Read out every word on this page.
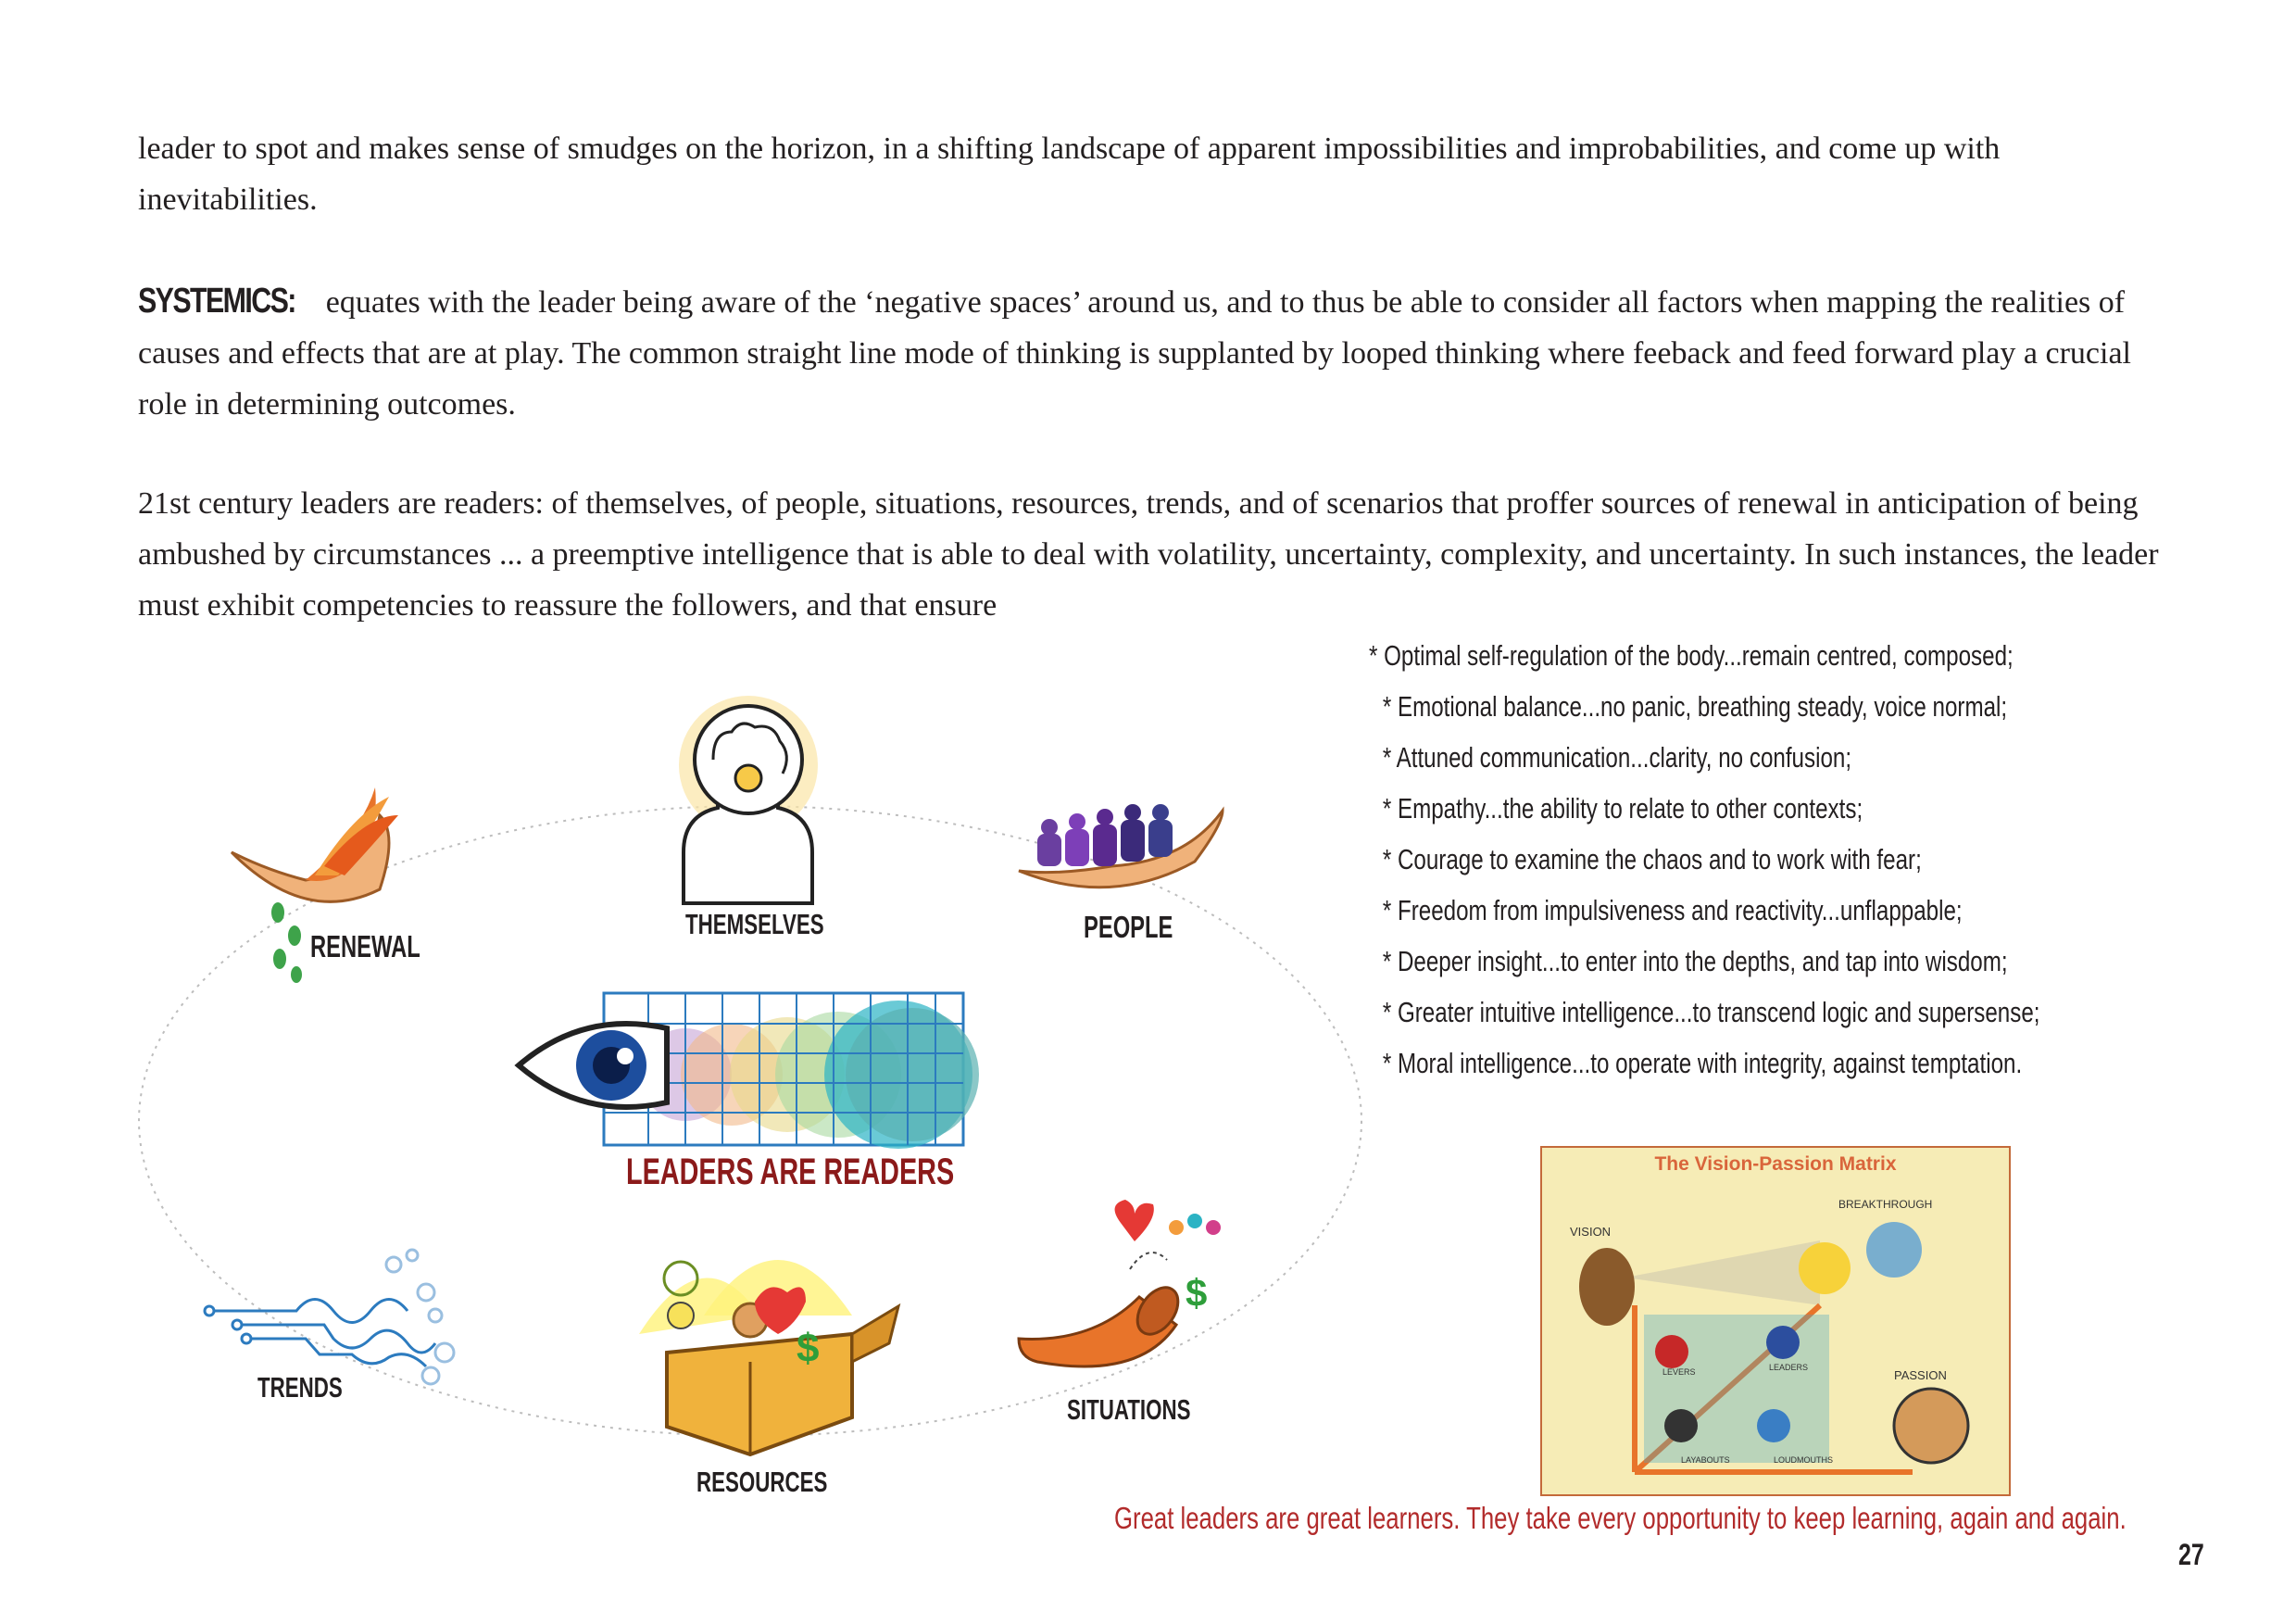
leader to spot and makes sense of smudges on the horizon, in a shifting landscape of apparent impossibilities and improbabilities, and come up with inevitabilities.

SYSTEMICS: equates with the leader being aware of the ‘negative spaces’ around us, and to thus be able to consider all factors when mapping the realities of causes and effects that are at play. The common straight line mode of thinking is supplanted by looped thinking where feeback and feed forward play a crucial role in determining outcomes.

21st century leaders are readers: of themselves, of people, situations, resources, trends, and of scenarios that proffer sources of renewal in anticipation of being ambushed by circumstances ... a preemptive intelligence that is able to deal with volatility, uncertainty, complexity, and uncertainty. In such instances, the leader must exhibit competencies to reassure the followers, and that ensure

* Optimal self-regulation of the body...remain centred, composed;
* Emotional balance...no panic, breathing steady, voice normal;
* Attuned communication...clarity, no confusion;
* Empathy...the ability to relate to other contexts;
* Courage to examine the chaos and to work with fear;
* Freedom from impulsiveness and reactivity...unflappable;
* Deeper insight...to enter into the depths, and tap into wisdom;
* Greater intuitive intelligence...to transcend logic and supersense;
* Moral intelligence...to operate with integrity, against temptation.
$
$
RENEWAL
THEMSELVES	PEOPLE
LEADERS ARE READERS
TRENDS
RESOURCES
SITUATIONS
The Vision-Passion Matrix
VISION
BREAKTHROUGH
PASSION
LEVERS	LEADERS
LAYABOUTS	LOUDMOUTHS
Great leaders are great learners. They take every opportunity to keep learning, again and again.
27
